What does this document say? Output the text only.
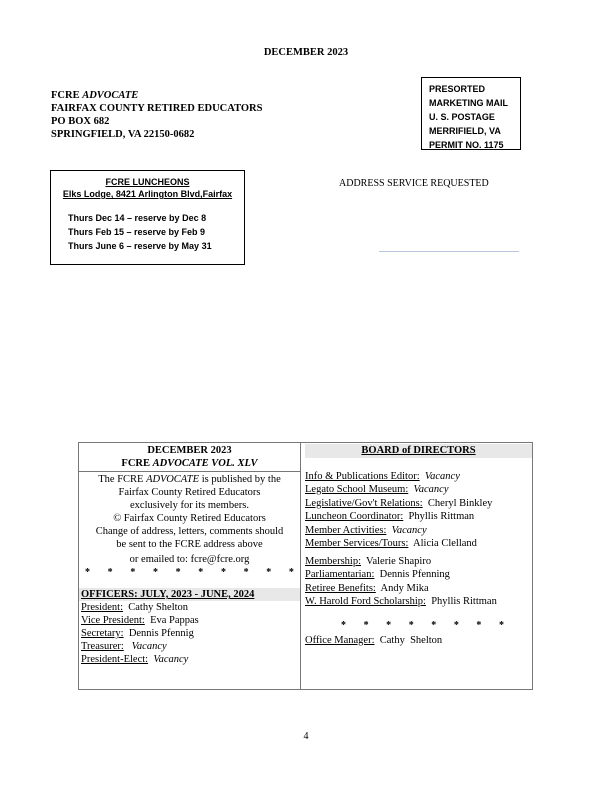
DECEMBER 2023
FCRE ADVOCATE
FAIRFAX COUNTY RETIRED EDUCATORS
PO BOX 682
SPRINGFIELD, VA 22150-0682
PRESORTED
MARKETING MAIL
U. S. POSTAGE
MERRIFIELD, VA
PERMIT NO. 1175
FCRE LUNCHEONS
Elks Lodge, 8421 Arlington Blvd,Fairfax
Thurs Dec 14 – reserve by Dec 8
Thurs Feb 15 – reserve by Feb 9
Thurs June 6 – reserve by May 31
ADDRESS SERVICE REQUESTED
DECEMBER 2023
FCRE ADVOCATE VOL. XLV
The FCRE ADVOCATE is published by the
Fairfax County Retired Educators
exclusively for its members.
© Fairfax County Retired Educators
Change of address, letters, comments should
be sent to the FCRE address above
or emailed to: fcre@fcre.org
* * * * * * * * * *
OFFICERS: JULY, 2023 - JUNE, 2024
President:  Cathy Shelton
Vice President:  Eva Pappas
Secretary:  Dennis Pfennig
Treasurer:   Vacancy
President-Elect:  Vacancy
BOARD of DIRECTORS
Info & Publications Editor:  Vacancy
Legato School Museum:  Vacancy
Legislative/Gov't Relations:  Cheryl Binkley
Luncheon Coordinator:  Phyllis Rittman
Member Activities:  Vacancy
Member Services/Tours:  Alicia Clelland
Membership:  Valerie Shapiro
Parliamentarian:  Dennis Pfenning
Retiree Benefits:  Andy Mika
W. Harold Ford Scholarship:  Phyllis Rittman
* * * * * * * *
Office Manager:  Cathy  Shelton
4
